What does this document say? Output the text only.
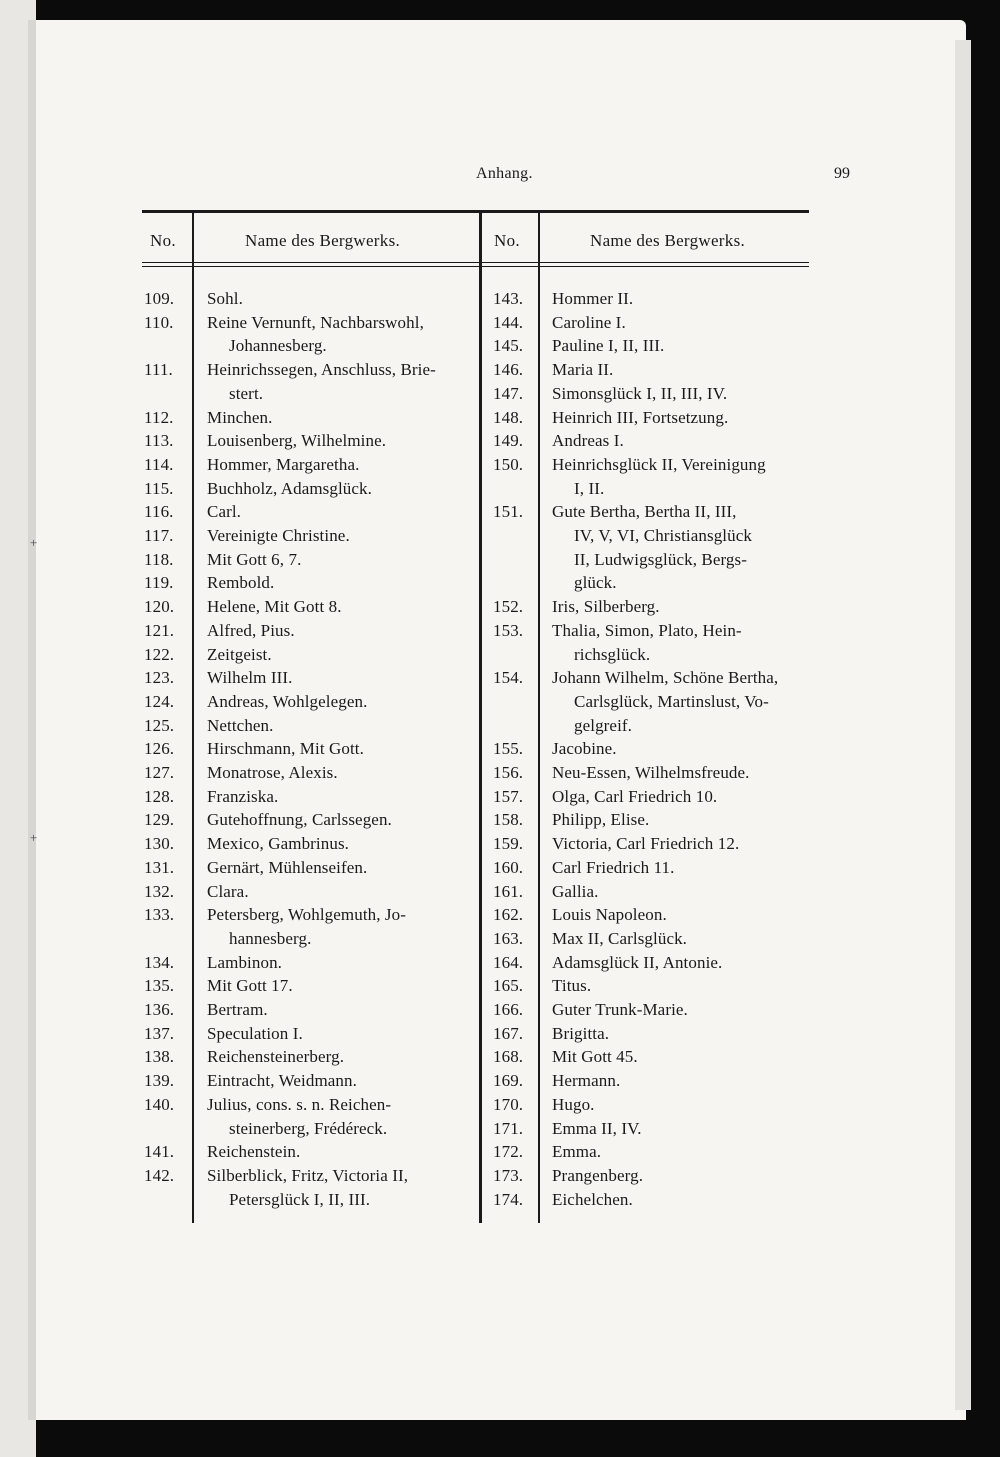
Anhang.	99
No.	Name des Bergwerks.	No.	Name des Bergwerks.
109.	Sohl.
110.	Reine Vernunft, Nachbarswohl,
Johannesberg.
111.	Heinrichssegen, Anschluss, Brie-
stert.
112.	Minchen.
113.	Louisenberg, Wilhelmine.
114.	Hommer, Margaretha.
115.	Buchholz, Adamsglück.
116.	Carl.
117.	Vereinigte Christine.
118.	Mit Gott 6, 7.
119.	Rembold.
120.	Helene, Mit Gott 8.
121.	Alfred, Pius.
122.	Zeitgeist.
123.	Wilhelm III.
124.	Andreas, Wohlgelegen.
125.	Nettchen.
126.	Hirschmann, Mit Gott.
127.	Monatrose, Alexis.
128.	Franziska.
129.	Gutehoffnung, Carlssegen.
130.	Mexico, Gambrinus.
131.	Gernärt, Mühlenseifen.
132.	Clara.
133.	Petersberg, Wohlgemuth, Jo-
hannesberg.
134.	Lambinon.
135.	Mit Gott 17.
136.	Bertram.
137.	Speculation I.
138.	Reichensteinerberg.
139.	Eintracht, Weidmann.
140.	Julius, cons. s. n. Reichen-
steinerberg, Frédéreck.
141.	Reichenstein.
142.	Silberblick, Fritz, Victoria II,
Petersglück I, II, III.
143.	Hommer II.
144.	Caroline I.
145.	Pauline I, II, III.
146.	Maria II.
147.	Simonsglück I, II, III, IV.
148.	Heinrich III, Fortsetzung.
149.	Andreas I.
150.	Heinrichsglück II, Vereinigung
I, II.
151.	Gute Bertha, Bertha II, III,
IV, V, VI, Christiansglück
II, Ludwigsglück, Bergs-
glück.
152.	Iris, Silberberg.
153.	Thalia, Simon, Plato, Hein-
richsglück.
154.	Johann Wilhelm, Schöne Bertha,
Carlsglück, Martinslust, Vo-
gelgreif.
155.	Jacobine.
156.	Neu-Essen, Wilhelmsfreude.
157.	Olga, Carl Friedrich 10.
158.	Philipp, Elise.
159.	Victoria, Carl Friedrich 12.
160.	Carl Friedrich 11.
161.	Gallia.
162.	Louis Napoleon.
163.	Max II, Carlsglück.
164.	Adamsglück II, Antonie.
165.	Titus.
166.	Guter Trunk-Marie.
167.	Brigitta.
168.	Mit Gott 45.
169.	Hermann.
170.	Hugo.
171.	Emma II, IV.
172.	Emma.
173.	Prangenberg.
174.	Eichelchen.
+
+
